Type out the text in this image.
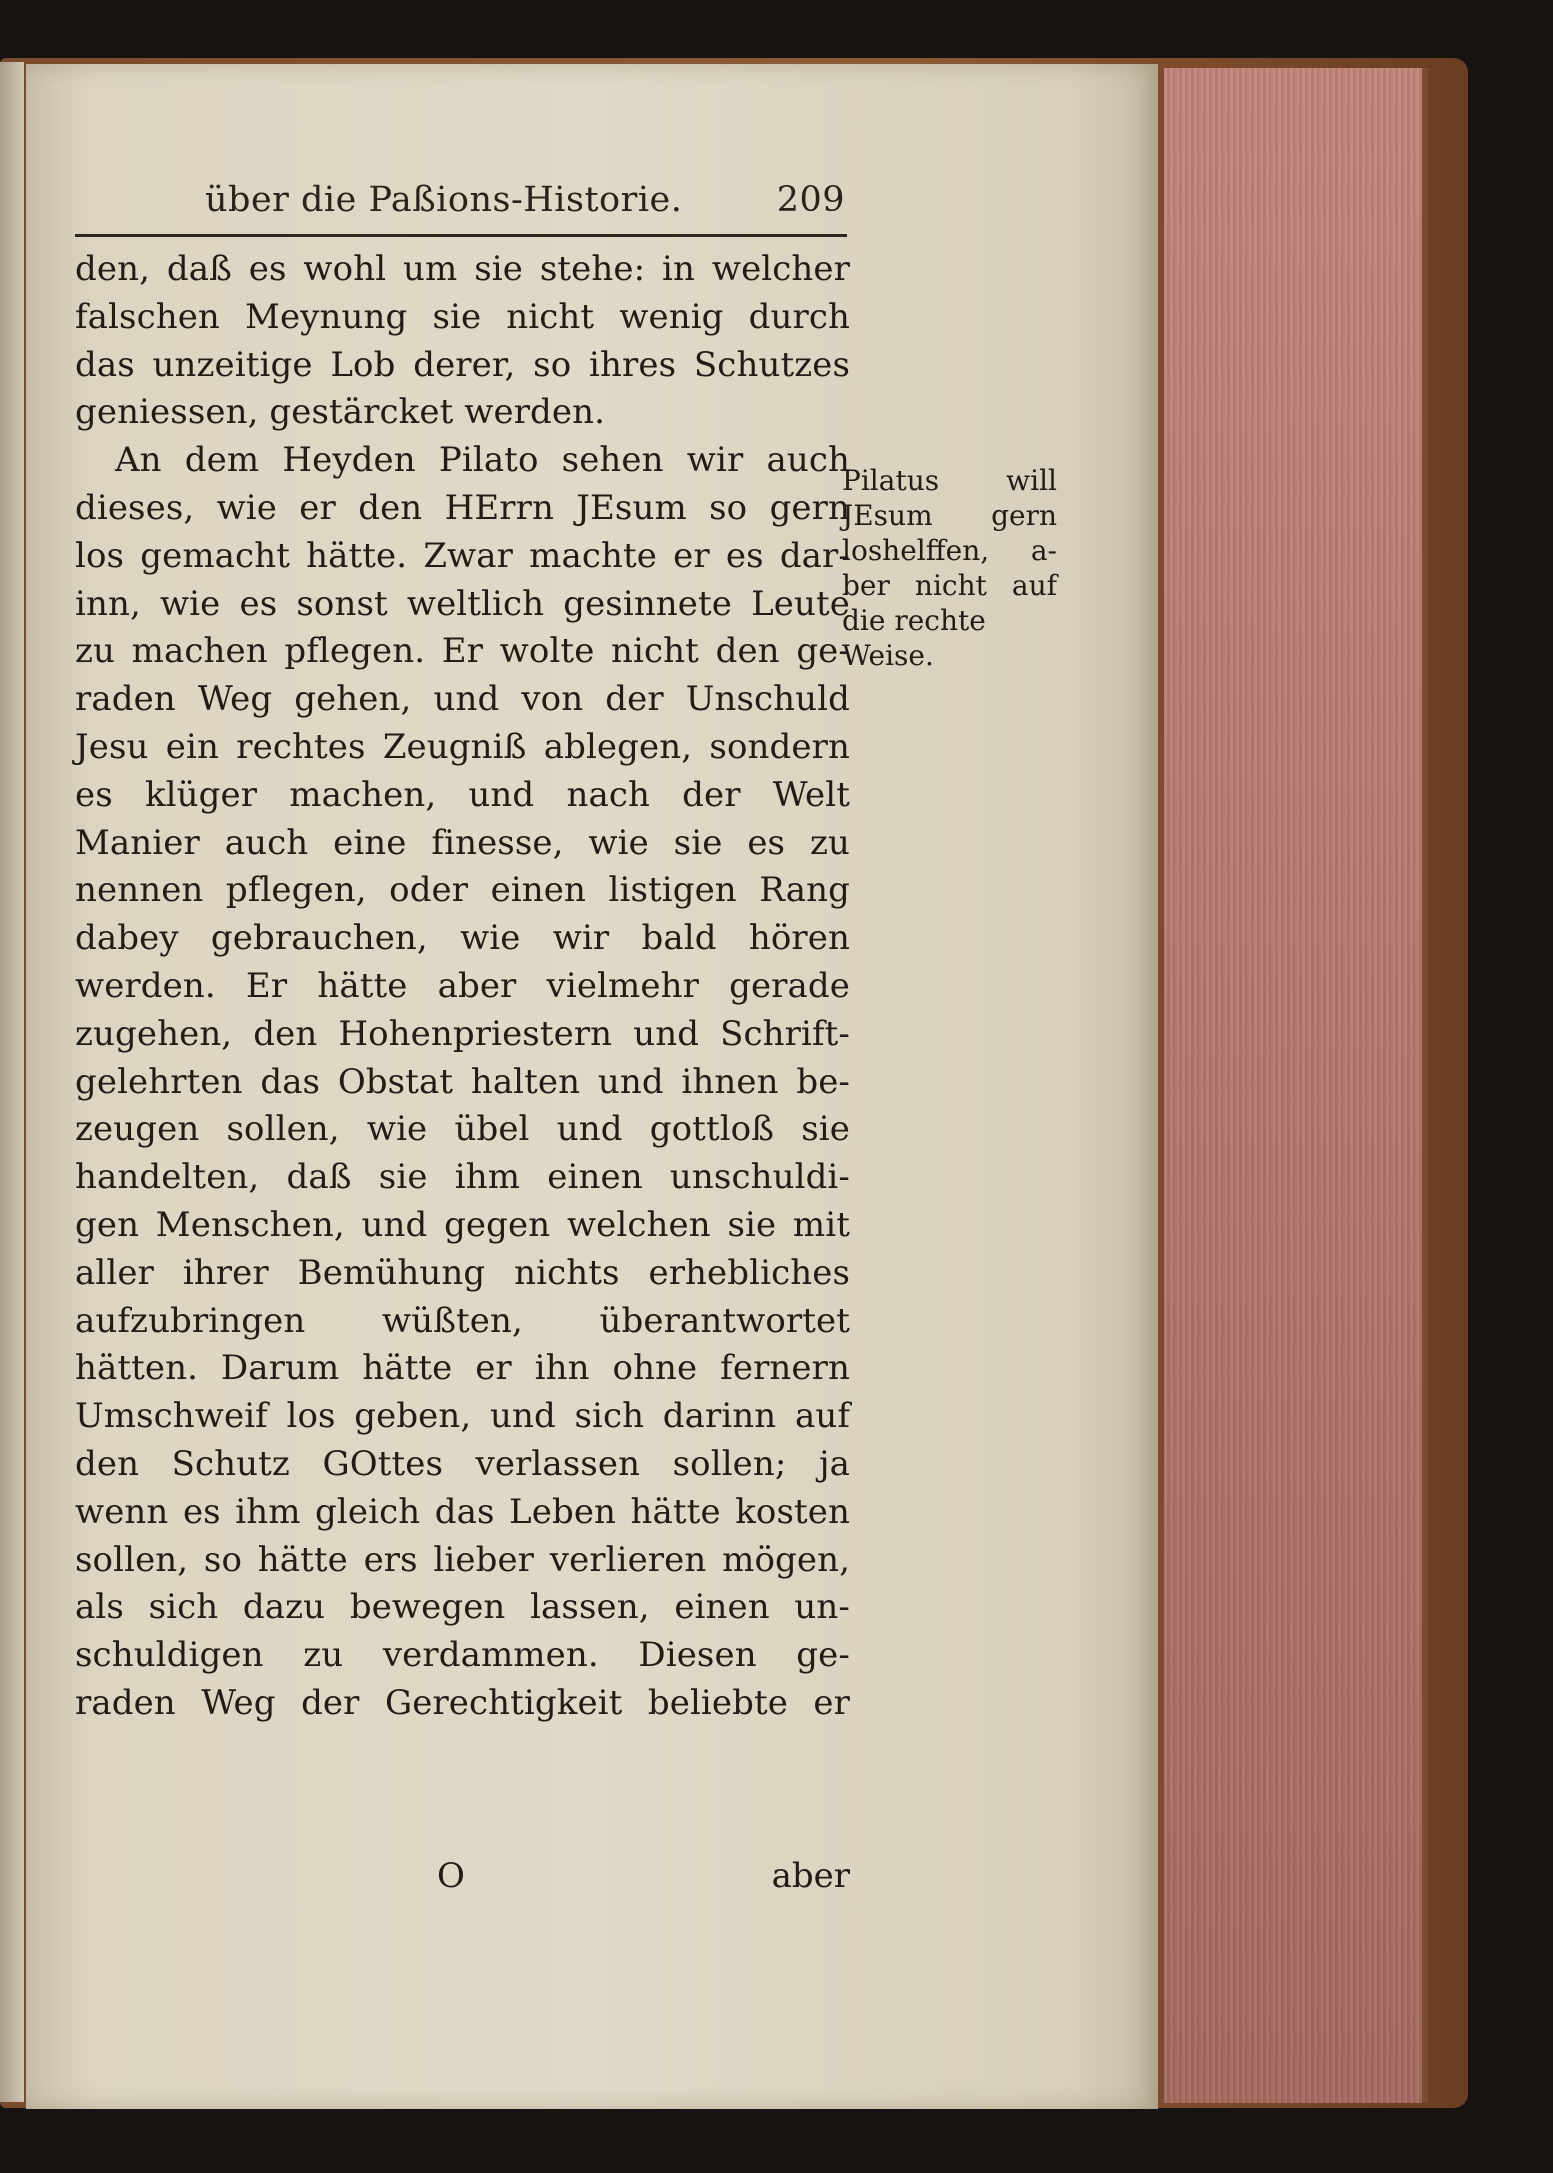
über die Paßions-Historie.	209
den, daß es wohl um sie stehe: in welcher
falschen Meynung sie nicht wenig durch
das unzeitige Lob derer, so ihres Schutzes
geniessen, gestärcket werden.
An dem Heyden Pilato sehen wir auch
dieses, wie er den HErrn JEsum so gern
los gemacht hätte. Zwar machte er es dar-
inn, wie es sonst weltlich gesinnete Leute
zu machen pflegen. Er wolte nicht den ge-
raden Weg gehen, und von der Unschuld
Jesu ein rechtes Zeugniß ablegen, sondern
es klüger machen, und nach der Welt
Manier auch eine finesse, wie sie es zu
nennen pflegen, oder einen listigen Rang
dabey gebrauchen, wie wir bald hören
werden. Er hätte aber vielmehr gerade
zugehen, den Hohenpriestern und Schrift-
gelehrten das Obstat halten und ihnen be-
zeugen sollen, wie übel und gottloß sie
handelten, daß sie ihm einen unschuldi-
gen Menschen, und gegen welchen sie mit
aller ihrer Bemühung nichts erhebliches
aufzubringen wüßten, überantwortet
hätten. Darum hätte er ihn ohne fernern
Umschweif los geben, und sich darinn auf
den Schutz GOttes verlassen sollen; ja
wenn es ihm gleich das Leben hätte kosten
sollen, so hätte ers lieber verlieren mögen,
als sich dazu bewegen lassen, einen un-
schuldigen zu verdammen. Diesen ge-
raden Weg der Gerechtigkeit beliebte er
Pilatus will
JEsum gern
loshelffen, a-
ber nicht auf
die rechte
Weise.
O	aber
